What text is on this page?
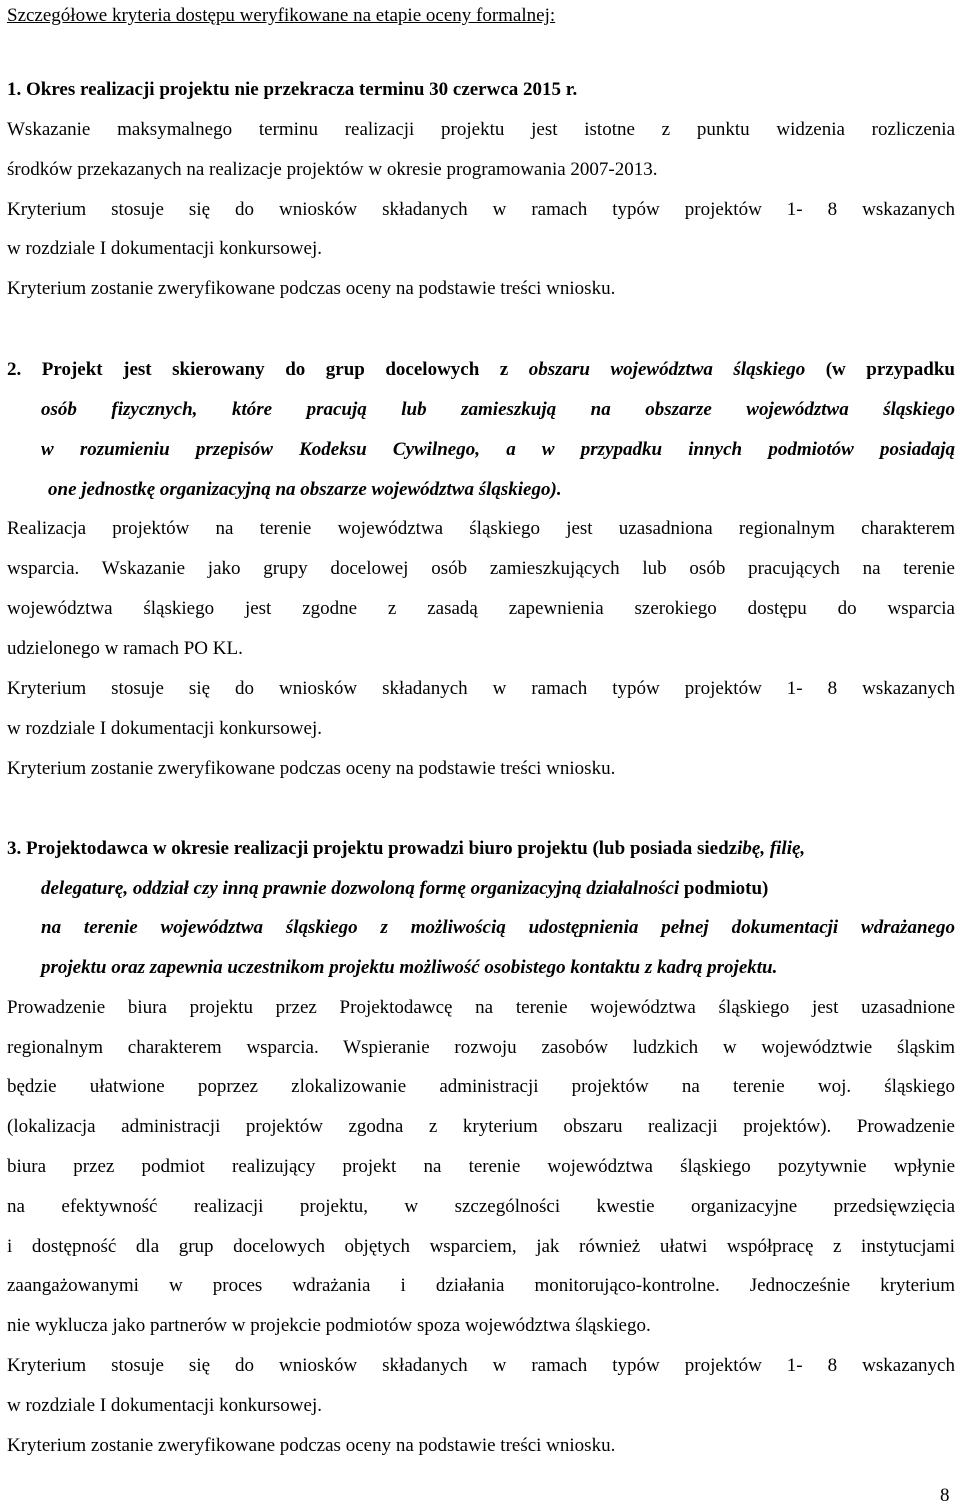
Szczegółowe kryteria dostępu weryfikowane na etapie oceny formalnej:
1. Okres realizacji projektu nie przekracza terminu 30 czerwca 2015 r.
Wskazanie maksymalnego terminu realizacji projektu jest istotne z punktu widzenia rozliczenia
środków przekazanych na realizacje projektów w okresie programowania 2007-2013.
Kryterium stosuje się do wniosków składanych w ramach typów projektów 1- 8 wskazanych
w rozdziale I dokumentacji konkursowej.
Kryterium zostanie zweryfikowane podczas oceny na podstawie treści wniosku.
2. Projekt jest skierowany do grup docelowych z obszaru województwa śląskiego (w przypadku
osób fizycznych, które pracują lub zamieszkują na obszarze województwa śląskiego
w rozumieniu przepisów Kodeksu Cywilnego, a w przypadku innych podmiotów posiadają
one jednostkę organizacyjną na obszarze województwa śląskiego).
Realizacja projektów na terenie województwa śląskiego jest uzasadniona regionalnym charakterem
wsparcia. Wskazanie jako grupy docelowej osób zamieszkujących lub osób pracujących na terenie
województwa śląskiego jest zgodne z zasadą zapewnienia szerokiego dostępu do wsparcia
udzielonego w ramach PO KL.
Kryterium stosuje się do wniosków składanych w ramach typów projektów 1- 8 wskazanych
w rozdziale I dokumentacji konkursowej.
Kryterium zostanie zweryfikowane podczas oceny na podstawie treści wniosku.
3. Projektodawca w okresie realizacji projektu prowadzi biuro projektu (lub posiada siedzibę, filię,
delegaturę, oddział czy inną prawnie dozwoloną formę organizacyjną działalności podmiotu)
na terenie województwa śląskiego z możliwością udostępnienia pełnej dokumentacji wdrażanego
projektu oraz zapewnia uczestnikom projektu możliwość osobistego kontaktu z kadrą projektu.
Prowadzenie biura projektu przez Projektodawcę na terenie województwa śląskiego jest uzasadnione
regionalnym charakterem wsparcia. Wspieranie rozwoju zasobów ludzkich w województwie śląskim
będzie ułatwione poprzez zlokalizowanie administracji projektów na terenie woj. śląskiego
(lokalizacja administracji projektów zgodna z kryterium obszaru realizacji projektów). Prowadzenie
biura przez podmiot realizujący projekt na terenie województwa śląskiego pozytywnie wpłynie
na efektywność realizacji projektu, w szczególności kwestie organizacyjne przedsięwzięcia
i dostępność dla grup docelowych objętych wsparciem, jak również ułatwi współpracę z instytucjami
zaangażowanymi w proces wdrażania i działania monitorująco-kontrolne. Jednocześnie kryterium
nie wyklucza jako partnerów w projekcie podmiotów spoza województwa śląskiego.
Kryterium stosuje się do wniosków składanych w ramach typów projektów 1- 8 wskazanych
w rozdziale I dokumentacji konkursowej.
Kryterium zostanie zweryfikowane podczas oceny na podstawie treści wniosku.
8
